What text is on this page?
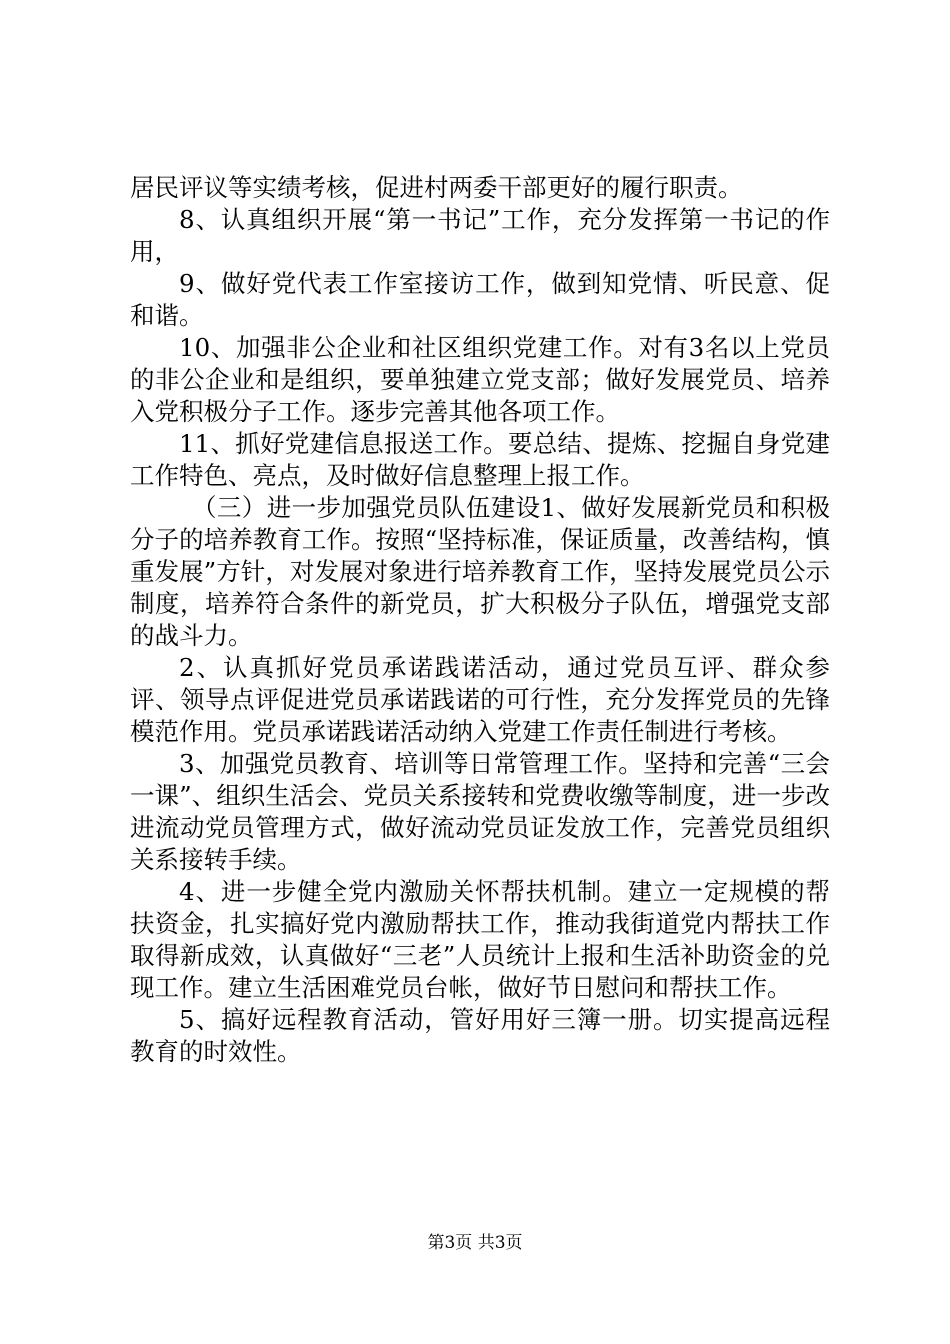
居民评议等实绩考核，促进村两委干部更好的履行职责。

8、认真组织开展“第一书记”工作，充分发挥第一书记的作用，

9、做好党代表工作室接访工作，做到知党情、听民意、促和谐。

10、加强非公企业和社区组织党建工作。对有3名以上党员的非公企业和是组织，要单独建立党支部；做好发展党员、培养入党积极分子工作。逐步完善其他各项工作。

11、抓好党建信息报送工作。要总结、提炼、挖掘自身党建工作特色、亮点，及时做好信息整理上报工作。

（三）进一步加强党员队伍建设1、做好发展新党员和积极分子的培养教育工作。按照“坚持标准，保证质量，改善结构，慎重发展”方针，对发展对象进行培养教育工作，坚持发展党员公示制度，培养符合条件的新党员，扩大积极分子队伍，增强党支部的战斗力。

2、认真抓好党员承诺践诺活动，通过党员互评、群众参评、领导点评促进党员承诺践诺的可行性，充分发挥党员的先锋模范作用。党员承诺践诺活动纳入党建工作责任制进行考核。

3、加强党员教育、培训等日常管理工作。坚持和完善“三会一课”、组织生活会、党员关系接转和党费收缴等制度，进一步改进流动党员管理方式，做好流动党员证发放工作，完善党员组织关系接转手续。

4、进一步健全党内激励关怀帮扶机制。建立一定规模的帮扶资金，扎实搞好党内激励帮扶工作，推动我街道党内帮扶工作取得新成效，认真做好“三老”人员统计上报和生活补助资金的兑现工作。建立生活困难党员台帐，做好节日慰问和帮扶工作。

5、搞好远程教育活动，管好用好三簿一册。切实提高远程教育的时效性。

第3页 共3页
